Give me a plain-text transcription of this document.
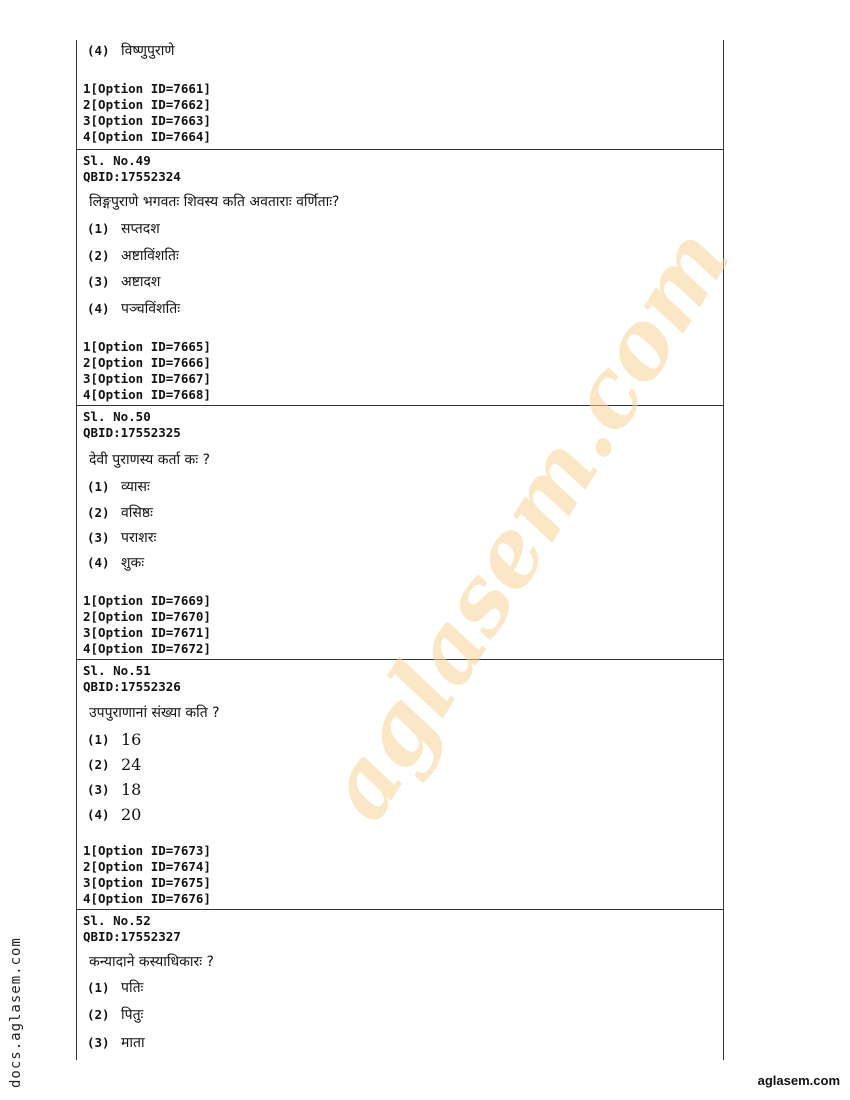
(4) विष्णुपुराणे
1[Option ID=7661]
2[Option ID=7662]
3[Option ID=7663]
4[Option ID=7664]
Sl. No.49
QBID:17552324
लिङ्गपुराणे भगवतः शिवस्य कति अवताराः वर्णिताः?
(1) सप्तदश
(2) अष्टाविंशतिः
(3) अष्टादश
(4) पञ्चविंशतिः
1[Option ID=7665]
2[Option ID=7666]
3[Option ID=7667]
4[Option ID=7668]
Sl. No.50
QBID:17552325
देवी पुराणस्य कर्ता कः ?
(1) व्यासः
(2) वसिष्ठः
(3) पराशरः
(4) शुकः
1[Option ID=7669]
2[Option ID=7670]
3[Option ID=7671]
4[Option ID=7672]
Sl. No.51
QBID:17552326
उपपुराणानां संख्या कति ?
(1) 16
(2) 24
(3) 18
(4) 20
1[Option ID=7673]
2[Option ID=7674]
3[Option ID=7675]
4[Option ID=7676]
Sl. No.52
QBID:17552327
कन्यादाने कस्याधिकारः ?
(1) पतिः
(2) पितुः
(3) माता
aglasem.com
docs.aglasem.com	aglasem.com
